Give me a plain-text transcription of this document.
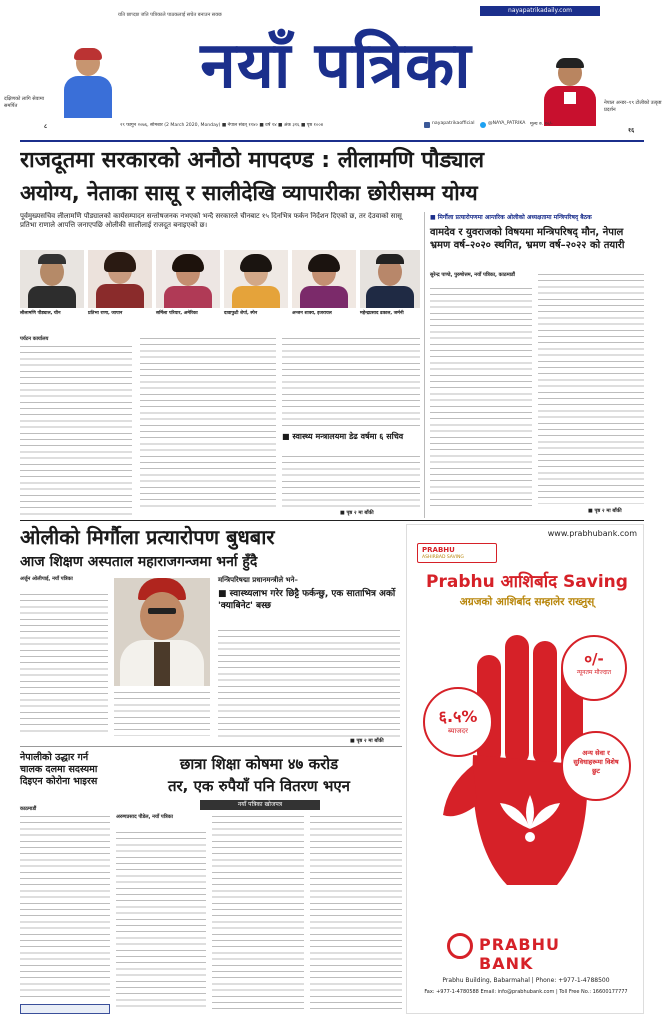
यति छाप्दछ जति पत्रिकाले पाठकलाई सचेत बनाउन सक्छ
nayapatrikadaily.com
दक्षिणको लागि सेवामा समर्पित
८
नयाँ पत्रिका	नेपाल अन्डर–१९ टोलीको उत्कृष्ट प्रदर्शन
१६
२९ फागुन २०७६, सोमबार (2 March 2020, Monday) ■ नेपाल संवत् ११४० ■ वर्ष १४ ■ अंक ३१६ ■ पृष्ठ १००४	nayapatrikaofficial	@NAYA_PATRIKA मूल्य रु. १०/-
राजदूतमा सरकारको अनौठो मापदण्ड : लीलामणि पौड्याल
अयोग्य, नेताका सासू र सालीदेखि व्यापारीका छोरीसम्म योग्य
पूर्वमुख्यसचिव लीलामणि पौड्यालको कार्यसम्पादन सन्तोषजनक नभएको भन्दै सरकारले चीनबाट १५ दिनभित्र फर्कन निर्देशन दिएको छ, तर देउवाको सासू प्रतिभा राणाले आपत्ति जनाएपछि ओलीकी सालीलाई राजदूत बनाइएको छ।
लीलामणि पौड्याल, चीन	प्रतिभा राणा, जापान	सर्मिला परियार, अमेरिका	दावाफुटी शेर्पा, स्पेन	अन्जन शाक्य, इजरायल	महेन्द्रप्रसाद ढकाल, जर्मनी
पर्यटन कार्यालय
■ स्वास्थ्य मन्त्रालयमा डेढ वर्षमा ६ सचिव
■ पृष्ठ २ मा बाँकी
■ मिर्गौला प्रत्यारोपणमा आन्तरिक ओलीको अध्यक्षतामा मन्त्रिपरिषद् बैठक
वामदेव र युवराजको विषयमा मन्त्रिपरिषद् मौन, नेपाल भ्रमण वर्ष–२०२० स्थगित, भ्रमण वर्ष–२०२२ को तयारी
सुरेन्द्र पाण्डे, पुरुषोत्तम, नयाँ पत्रिका, काठमाडौं
■ पृष्ठ २ मा बाँकी
ओलीको मिर्गौला प्रत्यारोपण बुधबार
आज शिक्षण अस्पताल महाराजगन्जमा भर्ना हुँदै
अर्जुन ओलीपाई, नयाँ पत्रिका	मन्त्रिपरिषद्मा प्रधानमन्त्रीले भने–
■ स्वास्थ्यलाभ गरेर छिट्टै फर्कन्छु, एक साताभित्र अर्को 'क्याबिनेट' बस्छ
■ पृष्ठ २ मा बाँकी
नेपालीको उद्धार गर्न चालक दलमा सदस्यमा दिइएन कोरोना भाइरस
काठमाडौं
छात्रा शिक्षा कोषमा ४७ करोड
तर, एक रुपैयाँ पनि वितरण भएन
नयाँ पत्रिका खोजपत्र
अरुणप्रसाद पौडेल, नयाँ पत्रिका
www.prabhubank.com
PRABHU
ASHIRBAD SAVING
Prabhu आशिर्बाद Saving
अग्रजको आशिर्बाद सम्हालेर राख्नुस्
६.५%
ब्याजदर
०/-
न्यूनतम मौज्दात
अन्य सेवा र सुविधाहरूमा विशेष छुट
PRABHU BANK
Prabhu Building, Babarmahal | Phone: +977-1-4788500
Fax: +977-1-4780588 Email: info@prabhubank.com | Toll Free No.: 16600177777
